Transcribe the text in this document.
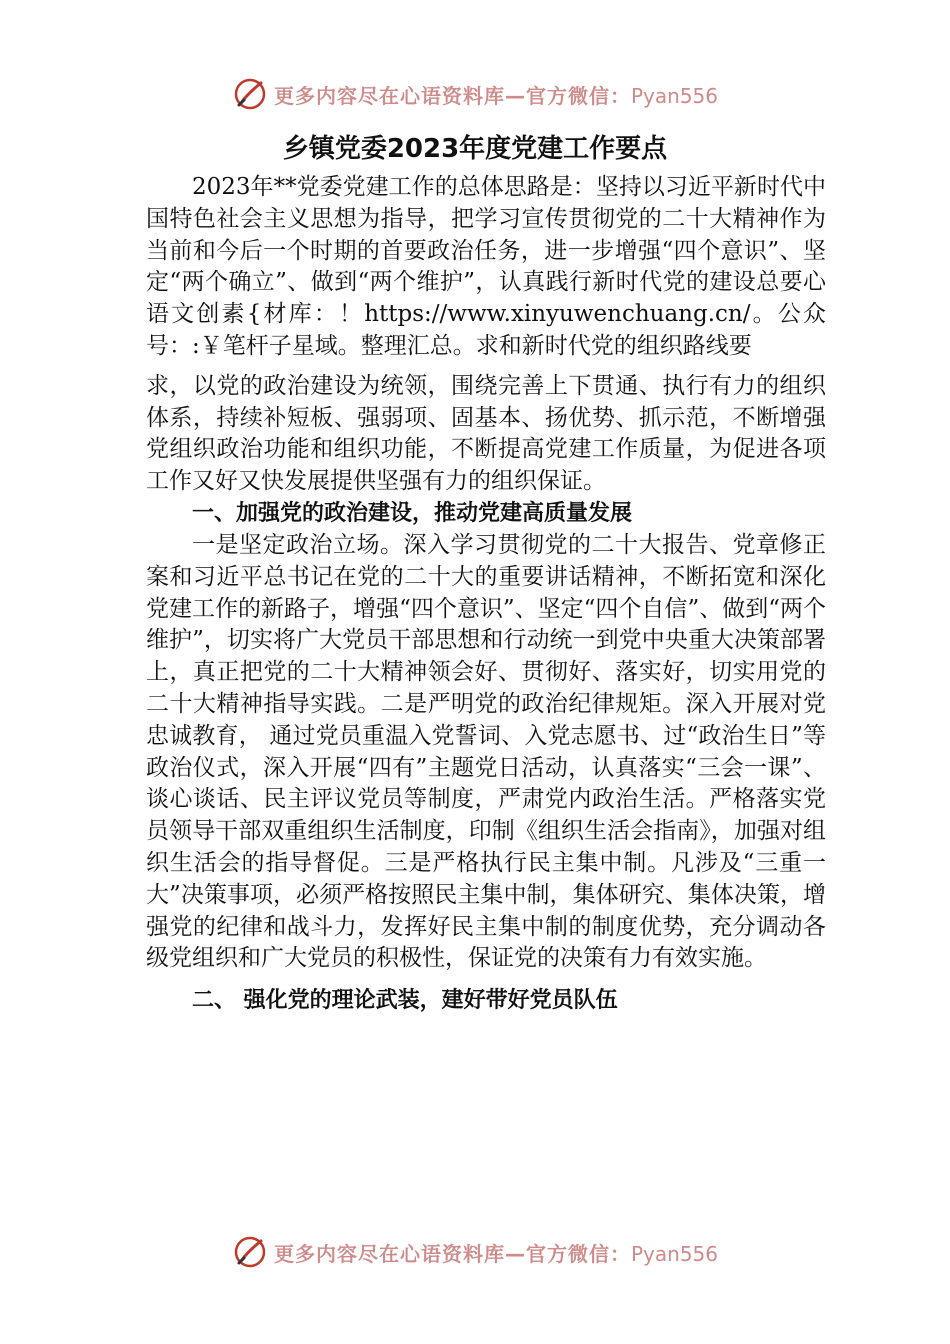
更多内容尽在心语资料库—官方微信：Pyan556
乡镇党委2023年度党建工作要点

2023年**党委党建工作的总体思路是：坚持以习近平新时代中国特色社会主义思想为指导，把学习宣传贯彻党的二十大精神作为当前和今后一个时期的首要政治任务，进一步增强“四个意识”、坚定“两个确立”、做到“两个维护”，认真践行新时代党的建设总要心语文创素{材库：！https://www.xinyuwenchuang.cn/。公众号：:￥笔杆子星域。整理汇总。求和新时代党的组织路线要

求，以党的政治建设为统领，围绕完善上下贯通、执行有力的组织体系，持续补短板、强弱项、固基本、扬优势、抓示范，不断增强党组织政治功能和组织功能，不断提高党建工作质量，为促进各项工作又好又快发展提供坚强有力的组织保证。

一、加强党的政治建设，推动党建高质量发展

一是坚定政治立场。深入学习贯彻党的二十大报告、党章修正案和习近平总书记在党的二十大的重要讲话精神，不断拓宽和深化党建工作的新路子，增强“四个意识”、坚定“四个自信”、做到“两个维护”，切实将广大党员干部思想和行动统一到党中央重大决策部署上，真正把党的二十大精神领会好、贯彻好、落实好，切实用党的二十大精神指导实践。二是严明党的政治纪律规矩。深入开展对党忠诚教育， 通过党员重温入党誓词、入党志愿书、过“政治生日”等政治仪式，深入开展“四有”主题党日活动，认真落实“三会一课”、谈心谈话、民主评议党员等制度，严肃党内政治生活。严格落实党员领导干部双重组织生活制度，印制《组织生活会指南》，加强对组织生活会的指导督促。三是严格执行民主集中制。凡涉及“三重一大”决策事项，必须严格按照民主集中制，集体研究、集体决策，增强党的纪律和战斗力，发挥好民主集中制的制度优势，充分调动各级党组织和广大党员的积极性，保证党的决策有力有效实施。

二、 强化党的理论武装，建好带好党员队伍

更多内容尽在心语资料库—官方微信：Pyan556
